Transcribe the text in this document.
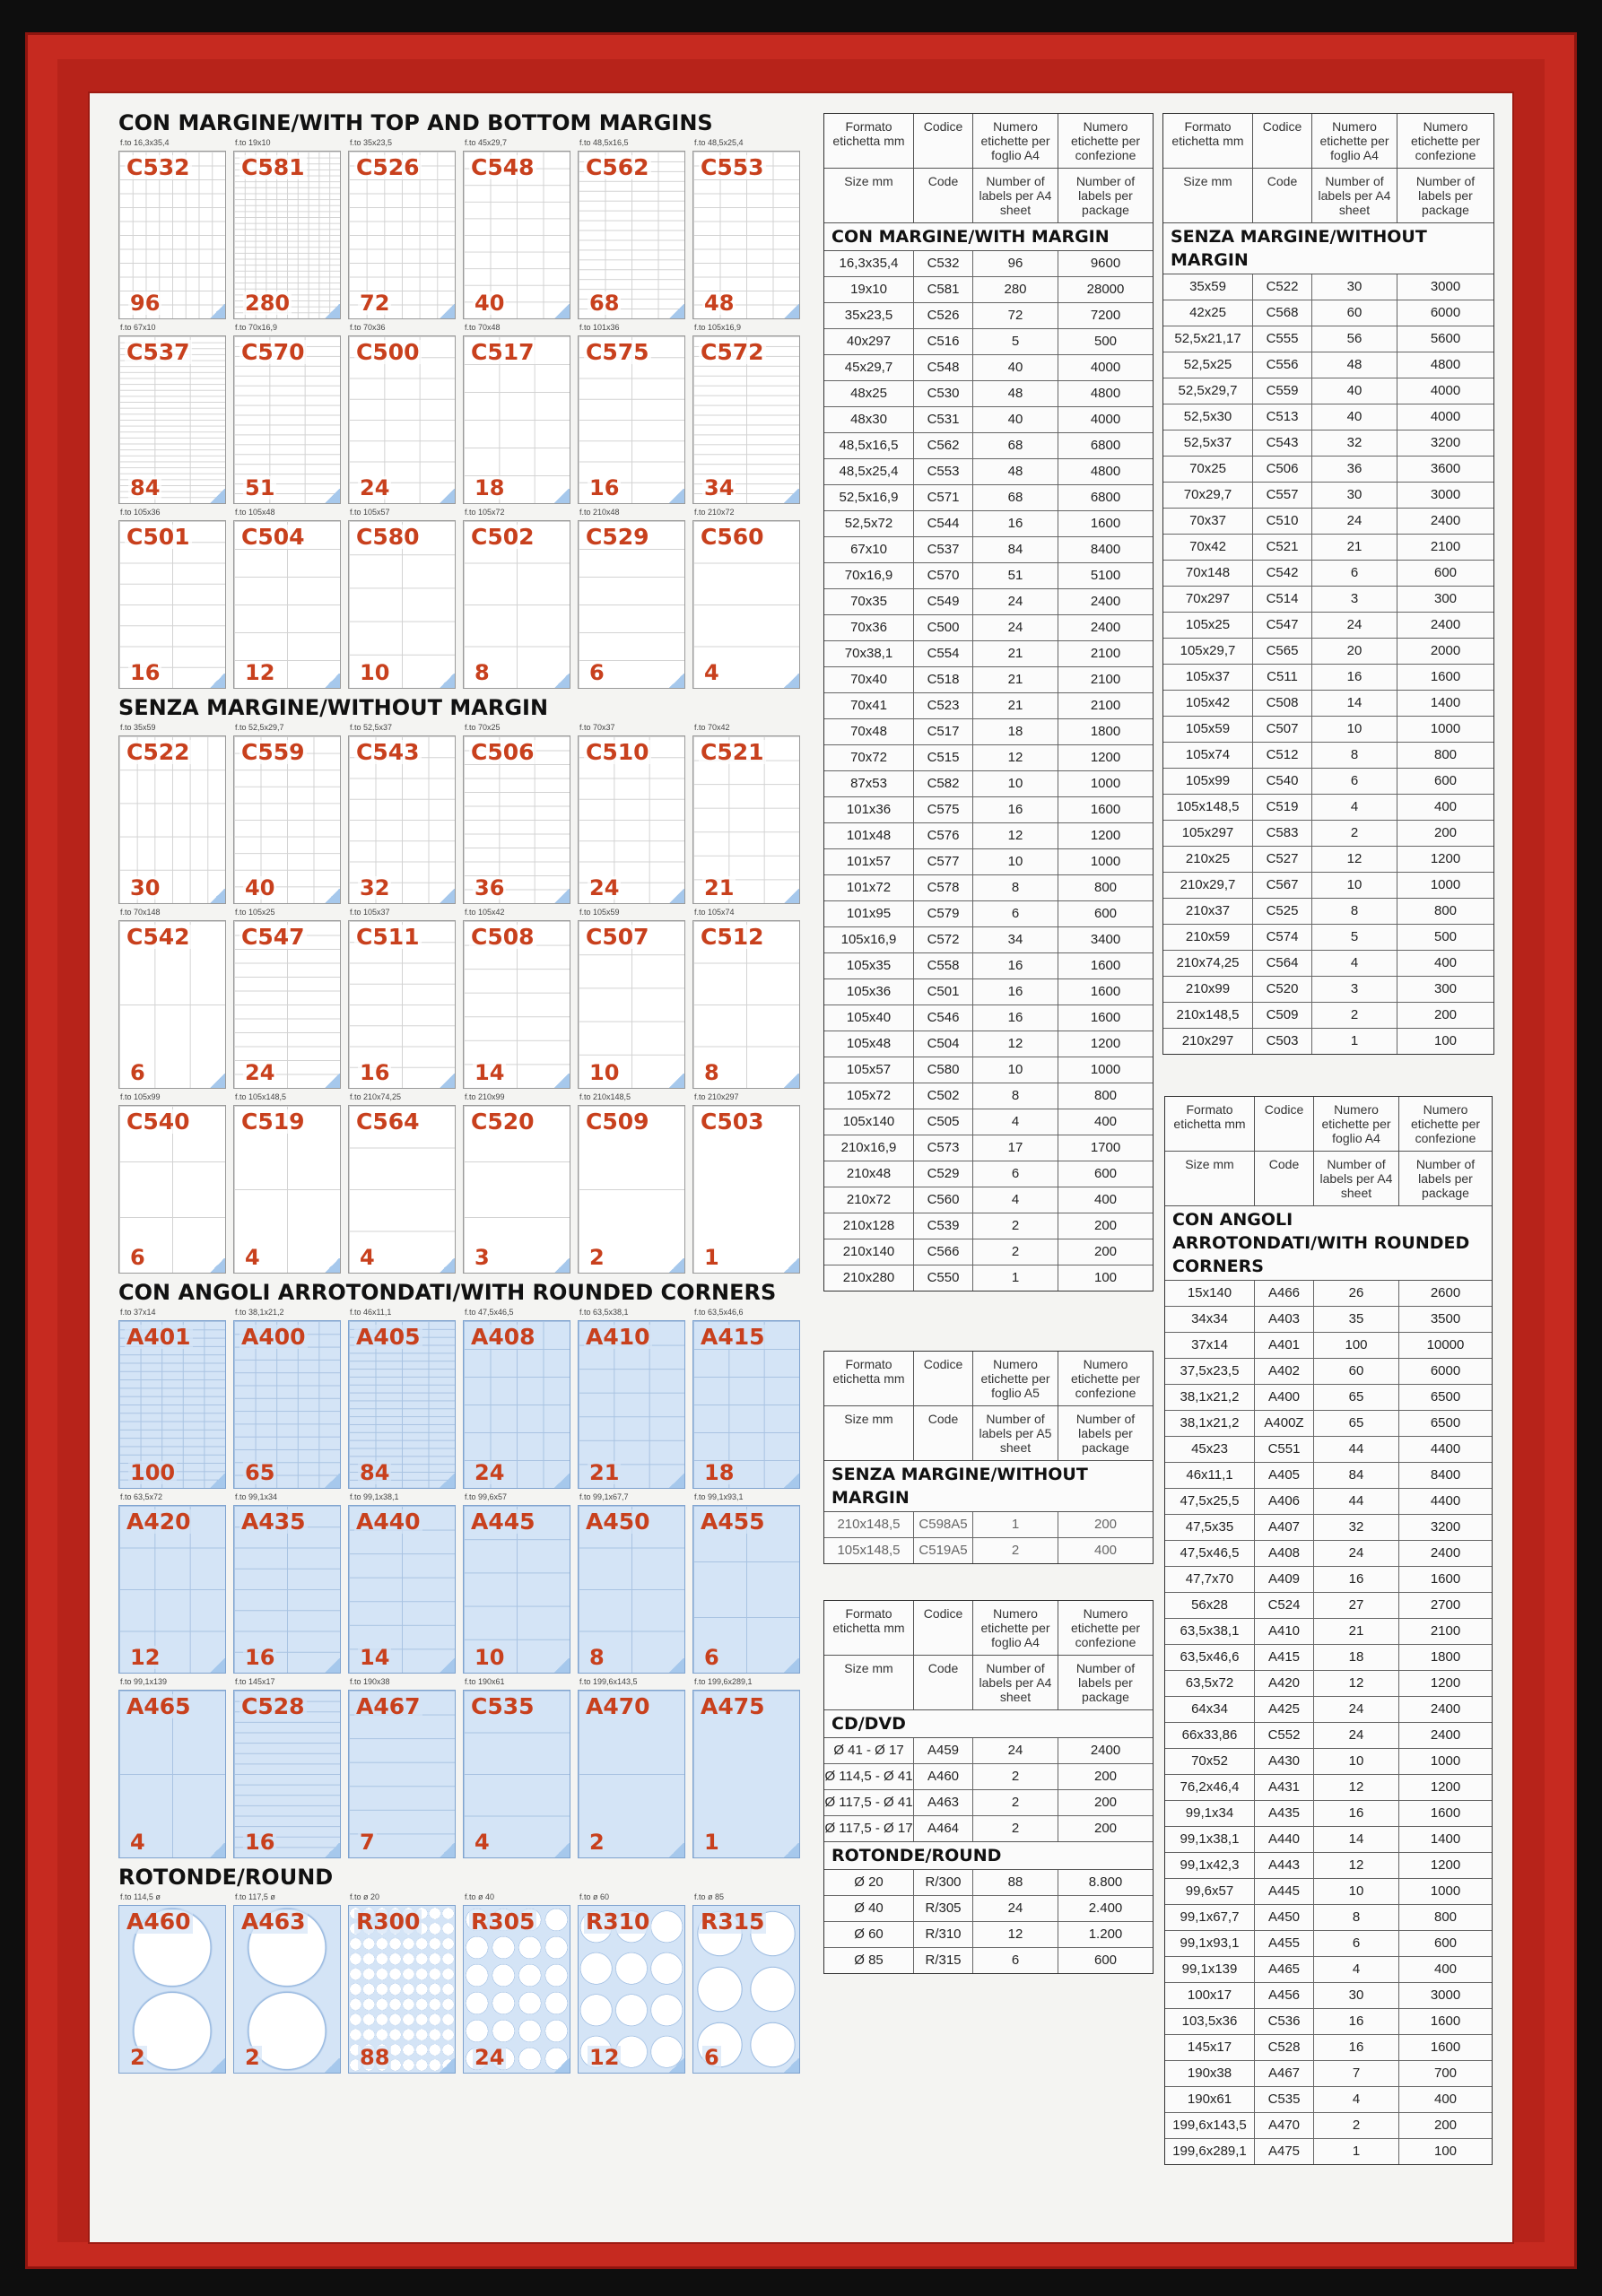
CON MARGINE/WITH TOP AND BOTTOM MARGINS
f.to 16,3x35,4
C532
96
f.to 19x10
C581
280
f.to 35x23,5
C526
72
f.to 45x29,7
C548
40
f.to 48,5x16,5
C562
68
f.to 48,5x25,4
C553
48
f.to 67x10
C537
84
f.to 70x16,9
C570
51
f.to 70x36
C500
24
f.to 70x48
C517
18
f.to 101x36
C575
16
f.to 105x16,9
C572
34
f.to 105x36
C501
16
f.to 105x48
C504
12
f.to 105x57
C580
10
f.to 105x72
C502
8
f.to 210x48
C529
6
f.to 210x72
C560
4
SENZA MARGINE/WITHOUT MARGIN
f.to 35x59
C522
30
f.to 52,5x29,7
C559
40
f.to 52,5x37
C543
32
f.to 70x25
C506
36
f.to 70x37
C510
24
f.to 70x42
C521
21
f.to 70x148
C542
6
f.to 105x25
C547
24
f.to 105x37
C511
16
f.to 105x42
C508
14
f.to 105x59
C507
10
f.to 105x74
C512
8
f.to 105x99
C540
6
f.to 105x148,5
C519
4
f.to 210x74,25
C564
4
f.to 210x99
C520
3
f.to 210x148,5
C509
2
f.to 210x297
C503
1
CON ANGOLI ARROTONDATI/WITH ROUNDED CORNERS
f.to 37x14
A401
100
f.to 38,1x21,2
A400
65
f.to 46x11,1
A405
84
f.to 47,5x46,5
A408
24
f.to 63,5x38,1
A410
21
f.to 63,5x46,6
A415
18
f.to 63,5x72
A420
12
f.to 99,1x34
A435
16
f.to 99,1x38,1
A440
14
f.to 99,6x57
A445
10
f.to 99,1x67,7
A450
8
f.to 99,1x93,1
A455
6
f.to 99,1x139
A465
4
f.to 145x17
C528
16
f.to 190x38
A467
7
f.to 190x61
C535
4
f.to 199,6x143,5
A470
2
f.to 199,6x289,1
A475
1
ROTONDE/ROUND
f.to 114,5 ø
A460
2
f.to 117,5 ø
A463
2
f.to ø 20
R300
88
f.to ø 40
R305
24
f.to ø 60
R310
12
f.to ø 85
R315
6
Formato etichetta mm
Codice	Numero etichette per foglio A4
Numero etichette per confezione
Size mm	Code	Number of labels per A4 sheet
Number of labels per package
CON MARGINE/WITH MARGIN
16,3x35,4	C532	96	9600
19x10	C581	280	28000
35x23,5	C526	72	7200
40x297	C516	5	500
45x29,7	C548	40	4000
48x25	C530	48	4800
48x30	C531	40	4000
48,5x16,5	C562	68	6800
48,5x25,4	C553	48	4800
52,5x16,9	C571	68	6800
52,5x72	C544	16	1600
67x10	C537	84	8400
70x16,9	C570	51	5100
70x35	C549	24	2400
70x36	C500	24	2400
70x38,1	C554	21	2100
70x40	C518	21	2100
70x41	C523	21	2100
70x48	C517	18	1800
70x72	C515	12	1200
87x53	C582	10	1000
101x36	C575	16	1600
101x48	C576	12	1200
101x57	C577	10	1000
101x72	C578	8	800
101x95	C579	6	600
105x16,9	C572	34	3400
105x35	C558	16	1600
105x36	C501	16	1600
105x40	C546	16	1600
105x48	C504	12	1200
105x57	C580	10	1000
105x72	C502	8	800
105x140	C505	4	400
210x16,9	C573	17	1700
210x48	C529	6	600
210x72	C560	4	400
210x128	C539	2	200
210x140	C566	2	200
210x280	C550	1	100
Formato etichetta mm
Codice	Numero etichette per foglio A4
Numero etichette per confezione
Size mm	Code	Number of labels per A4 sheet
Number of labels per package
SENZA MARGINE/WITHOUT MARGIN
35x59	C522	30	3000
42x25	C568	60	6000
52,5x21,17	C555	56	5600
52,5x25	C556	48	4800
52,5x29,7	C559	40	4000
52,5x30	C513	40	4000
52,5x37	C543	32	3200
70x25	C506	36	3600
70x29,7	C557	30	3000
70x37	C510	24	2400
70x42	C521	21	2100
70x148	C542	6	600
70x297	C514	3	300
105x25	C547	24	2400
105x29,7	C565	20	2000
105x37	C511	16	1600
105x42	C508	14	1400
105x59	C507	10	1000
105x74	C512	8	800
105x99	C540	6	600
105x148,5	C519	4	400
105x297	C583	2	200
210x25	C527	12	1200
210x29,7	C567	10	1000
210x37	C525	8	800
210x59	C574	5	500
210x74,25	C564	4	400
210x99	C520	3	300
210x148,5	C509	2	200
210x297	C503	1	100
Formato etichetta mm
Codice	Numero etichette per foglio A5
Numero etichette per confezione
Size mm	Code	Number of labels per A5 sheet
Number of labels per package
SENZA MARGINE/WITHOUT MARGIN
210x148,5	C598A5	1	200
105x148,5	C519A5	2	400
Formato etichetta mm
Codice	Numero etichette per foglio A4
Numero etichette per confezione
Size mm	Code	Number of labels per A4 sheet
Number of labels per package
CD/DVD
Ø 41 - Ø 17	A459	24	2400
Ø 114,5 - Ø 41	A460	2	200
Ø 117,5 - Ø 41	A463	2	200
Ø 117,5 - Ø 17	A464	2	200
ROTONDE/ROUND
Ø 20	R/300	88	8.800
Ø 40	R/305	24	2.400
Ø 60	R/310	12	1.200
Ø 85	R/315	6	600
Formato etichetta mm
Codice	Numero etichette per foglio A4
Numero etichette per confezione
Size mm	Code	Number of labels per A4 sheet
Number of labels per package
CON ANGOLI ARROTONDATI/WITH ROUNDED CORNERS
15x140	A466	26	2600
34x34	A403	35	3500
37x14	A401	100	10000
37,5x23,5	A402	60	6000
38,1x21,2	A400	65	6500
38,1x21,2	A400Z	65	6500
45x23	C551	44	4400
46x11,1	A405	84	8400
47,5x25,5	A406	44	4400
47,5x35	A407	32	3200
47,5x46,5	A408	24	2400
47,7x70	A409	16	1600
56x28	C524	27	2700
63,5x38,1	A410	21	2100
63,5x46,6	A415	18	1800
63,5x72	A420	12	1200
64x34	A425	24	2400
66x33,86	C552	24	2400
70x52	A430	10	1000
76,2x46,4	A431	12	1200
99,1x34	A435	16	1600
99,1x38,1	A440	14	1400
99,1x42,3	A443	12	1200
99,6x57	A445	10	1000
99,1x67,7	A450	8	800
99,1x93,1	A455	6	600
99,1x139	A465	4	400
100x17	A456	30	3000
103,5x36	C536	16	1600
145x17	C528	16	1600
190x38	A467	7	700
190x61	C535	4	400
199,6x143,5	A470	2	200
199,6x289,1	A475	1	100
